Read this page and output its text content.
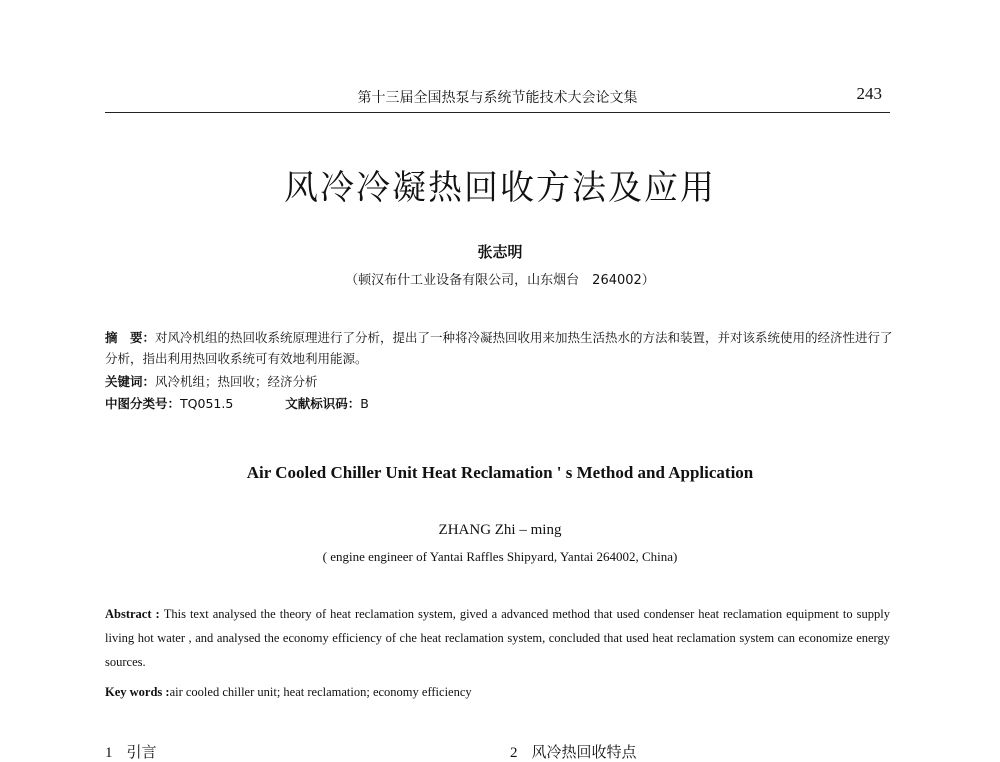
第十三届全国热泵与系统节能技术大会论文集	243
风冷冷凝热回收方法及应用
张志明
（顿汉布什工业设备有限公司，山东烟台　264002）
摘　要：对风冷机组的热回收系统原理进行了分析，提出了一种将冷凝热回收用来加热生活热水的方法和装置，并对该系统使用的经济性进行了分析，指出利用热回收系统可有效地利用能源。
关键词：风冷机组；热回收；经济分析
中图分类号：TQ051.5	文献标识码：B
Air Cooled Chiller Unit Heat Reclamation ' s Method and Application
ZHANG Zhi – ming
( engine engineer of Yantai Raffles Shipyard, Yantai 264002, China)
Abstract : This text analysed the theory of heat reclamation system, gived a advanced method that used condenser heat reclamation equipment to supply living hot water , and analysed the economy efficiency of che heat reclamation system, concluded that used heat reclamation system can economize energy sources.
Key words :air cooled chiller unit; heat reclamation; economy efficiency
1 引言	2 风冷热回收特点
